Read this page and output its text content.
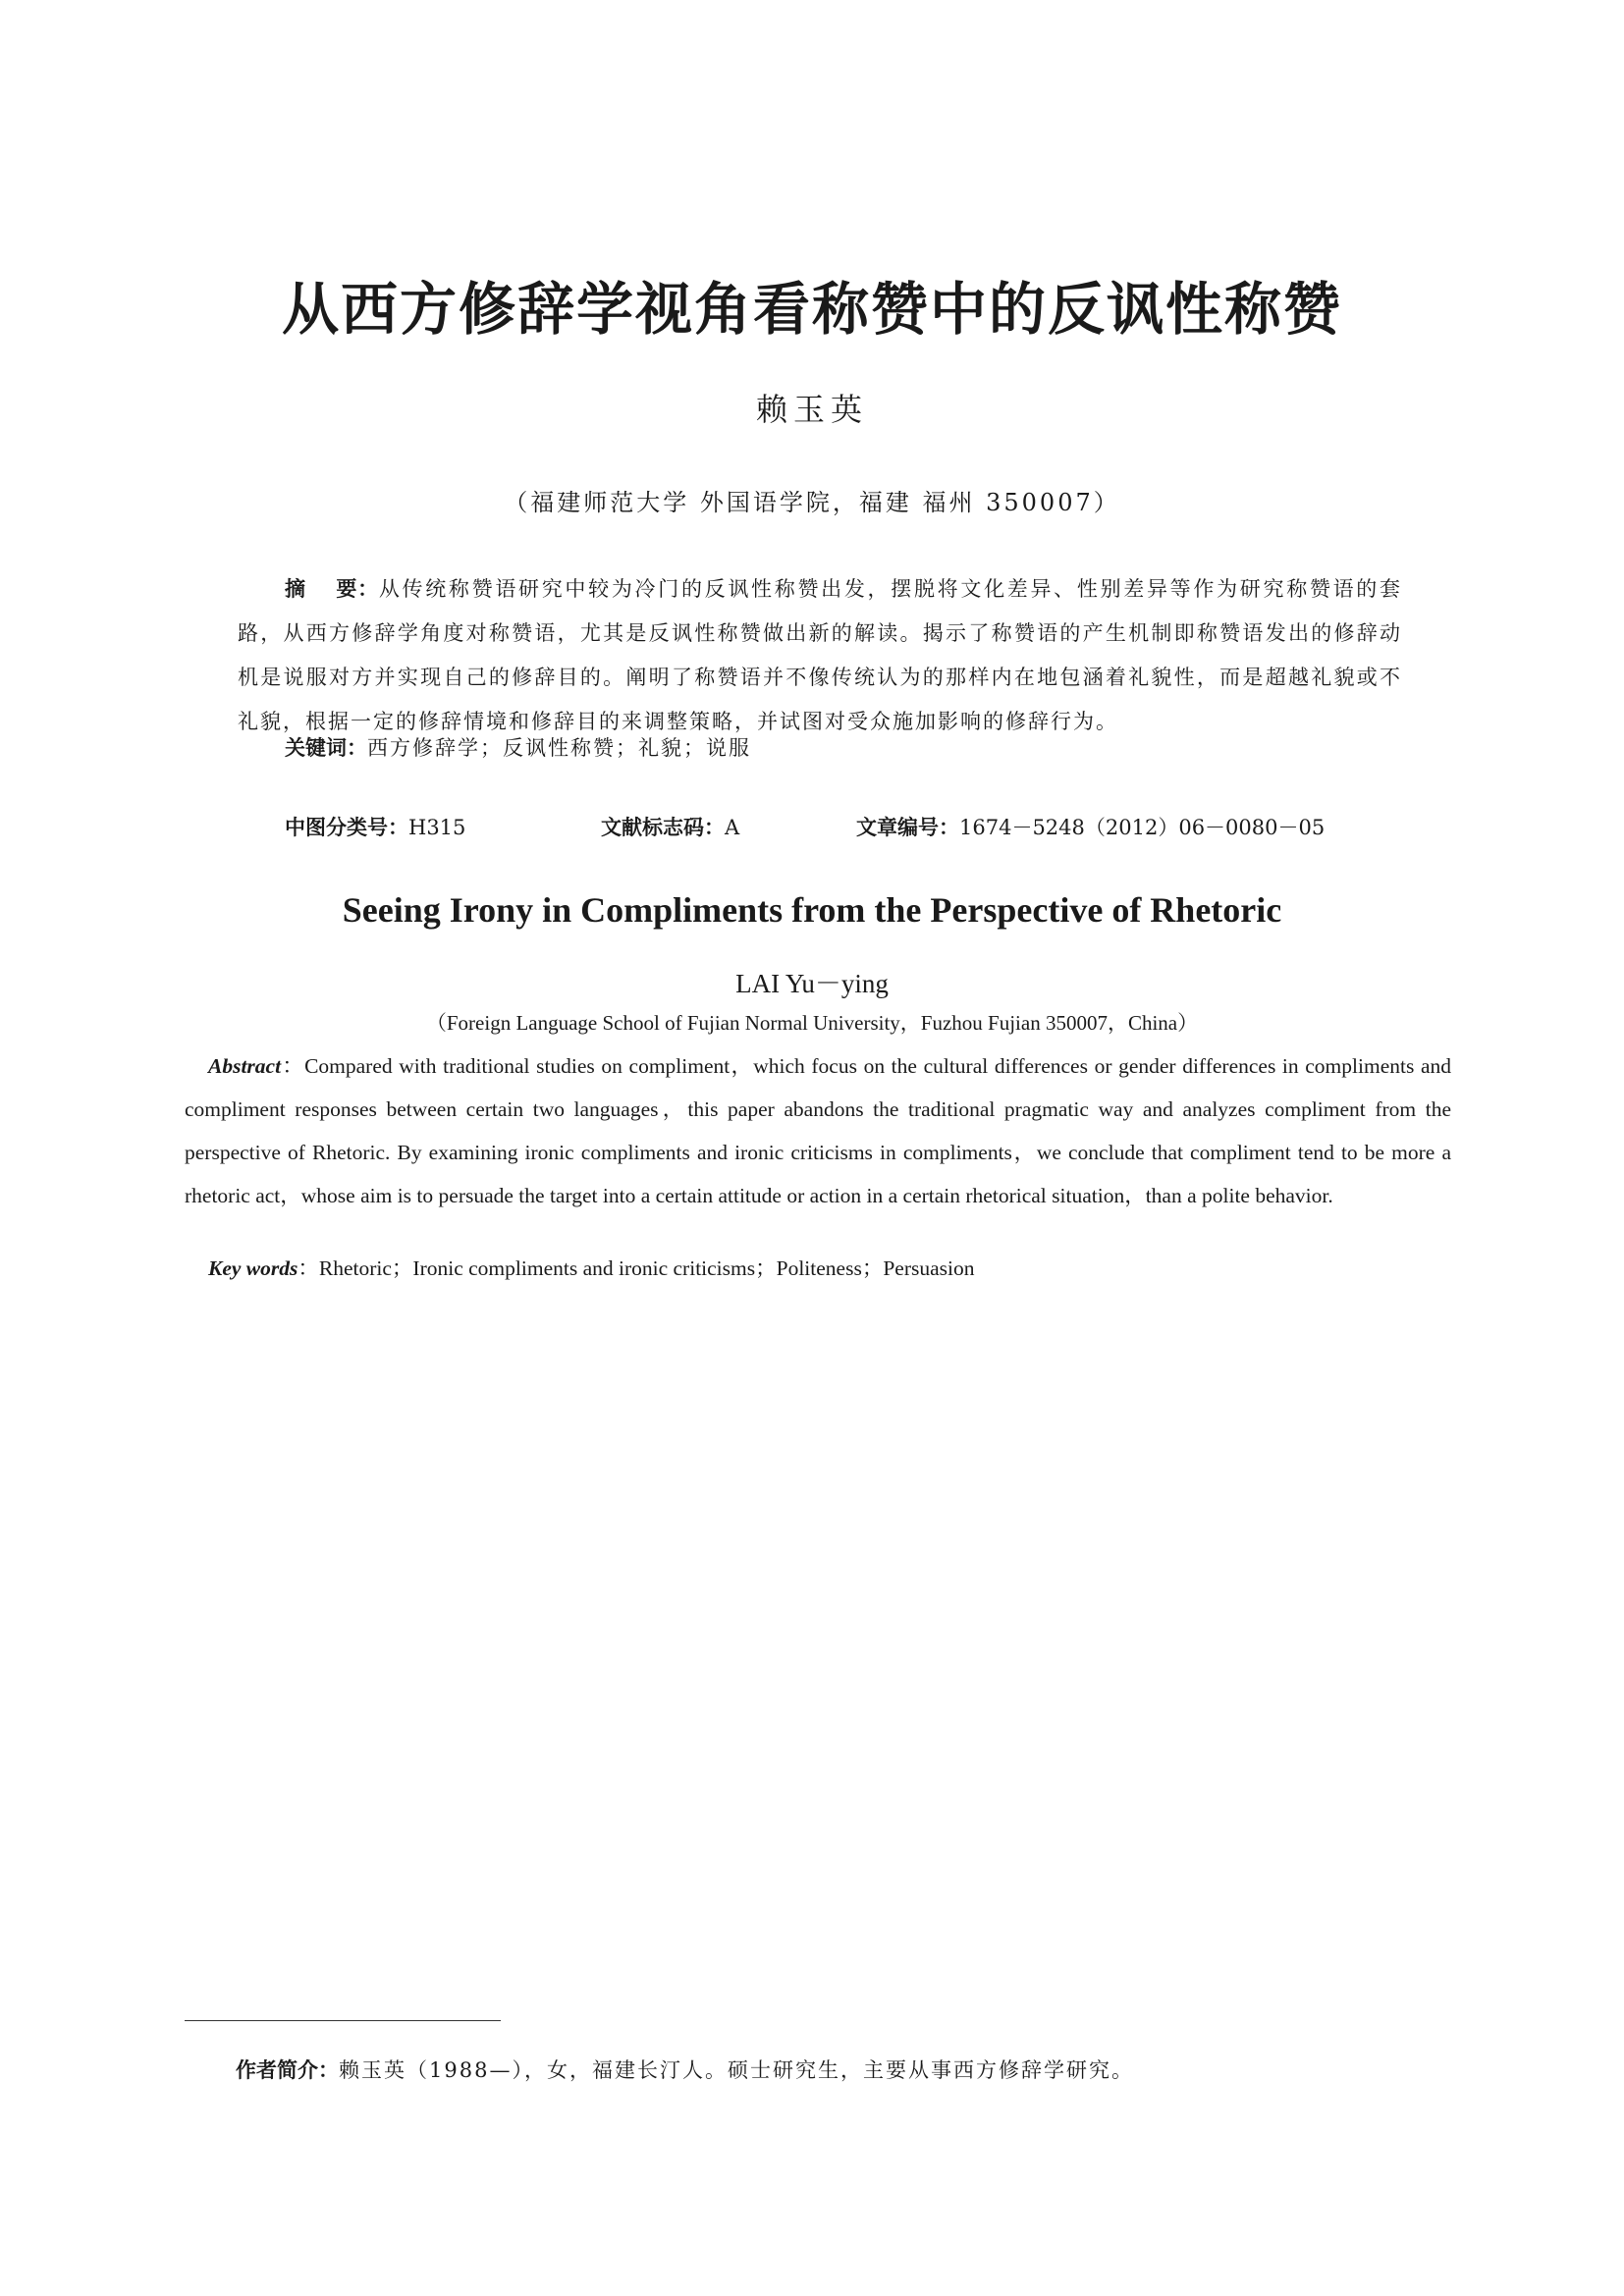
从西方修辞学视角看称赞中的反讽性称赞
赖玉英
（福建师范大学 外国语学院，福建 福州 350007）
摘 要：从传统称赞语研究中较为冷门的反讽性称赞出发，摆脱将文化差异、性别差异等作为研究称赞语的套路，从西方修辞学角度对称赞语，尤其是反讽性称赞做出新的解读。揭示了称赞语的产生机制即称赞语发出的修辞动机是说服对方并实现自己的修辞目的。阐明了称赞语并不像传统认为的那样内在地包涵着礼貌性，而是超越礼貌或不礼貌，根据一定的修辞情境和修辞目的来调整策略，并试图对受众施加影响的修辞行为。
关键词：西方修辞学；反讽性称赞；礼貌；说服
中图分类号：H315	文献标志码：A	文章编号：1674－5248（2012）06－0080－05
Seeing Irony in Compliments from the Perspective of Rhetoric
LAI Yu－ying
（Foreign Language School of Fujian Normal University，Fuzhou Fujian 350007，China）
Abstract：Compared with traditional studies on compliment，which focus on the cultural differences or gender differences in compliments and compliment responses between certain two languages，this paper abandons the traditional pragmatic way and analyzes compliment from the perspective of Rhetoric. By examining ironic compliments and ironic criticisms in compliments，we conclude that compliment tend to be more a rhetoric act，whose aim is to persuade the target into a certain attitude or action in a certain rhetorical situation，than a polite behavior.
Key words：Rhetoric；Ironic compliments and ironic criticisms；Politeness；Persuasion
作者简介：赖玉英（1988—），女，福建长汀人。硕士研究生，主要从事西方修辞学研究。
